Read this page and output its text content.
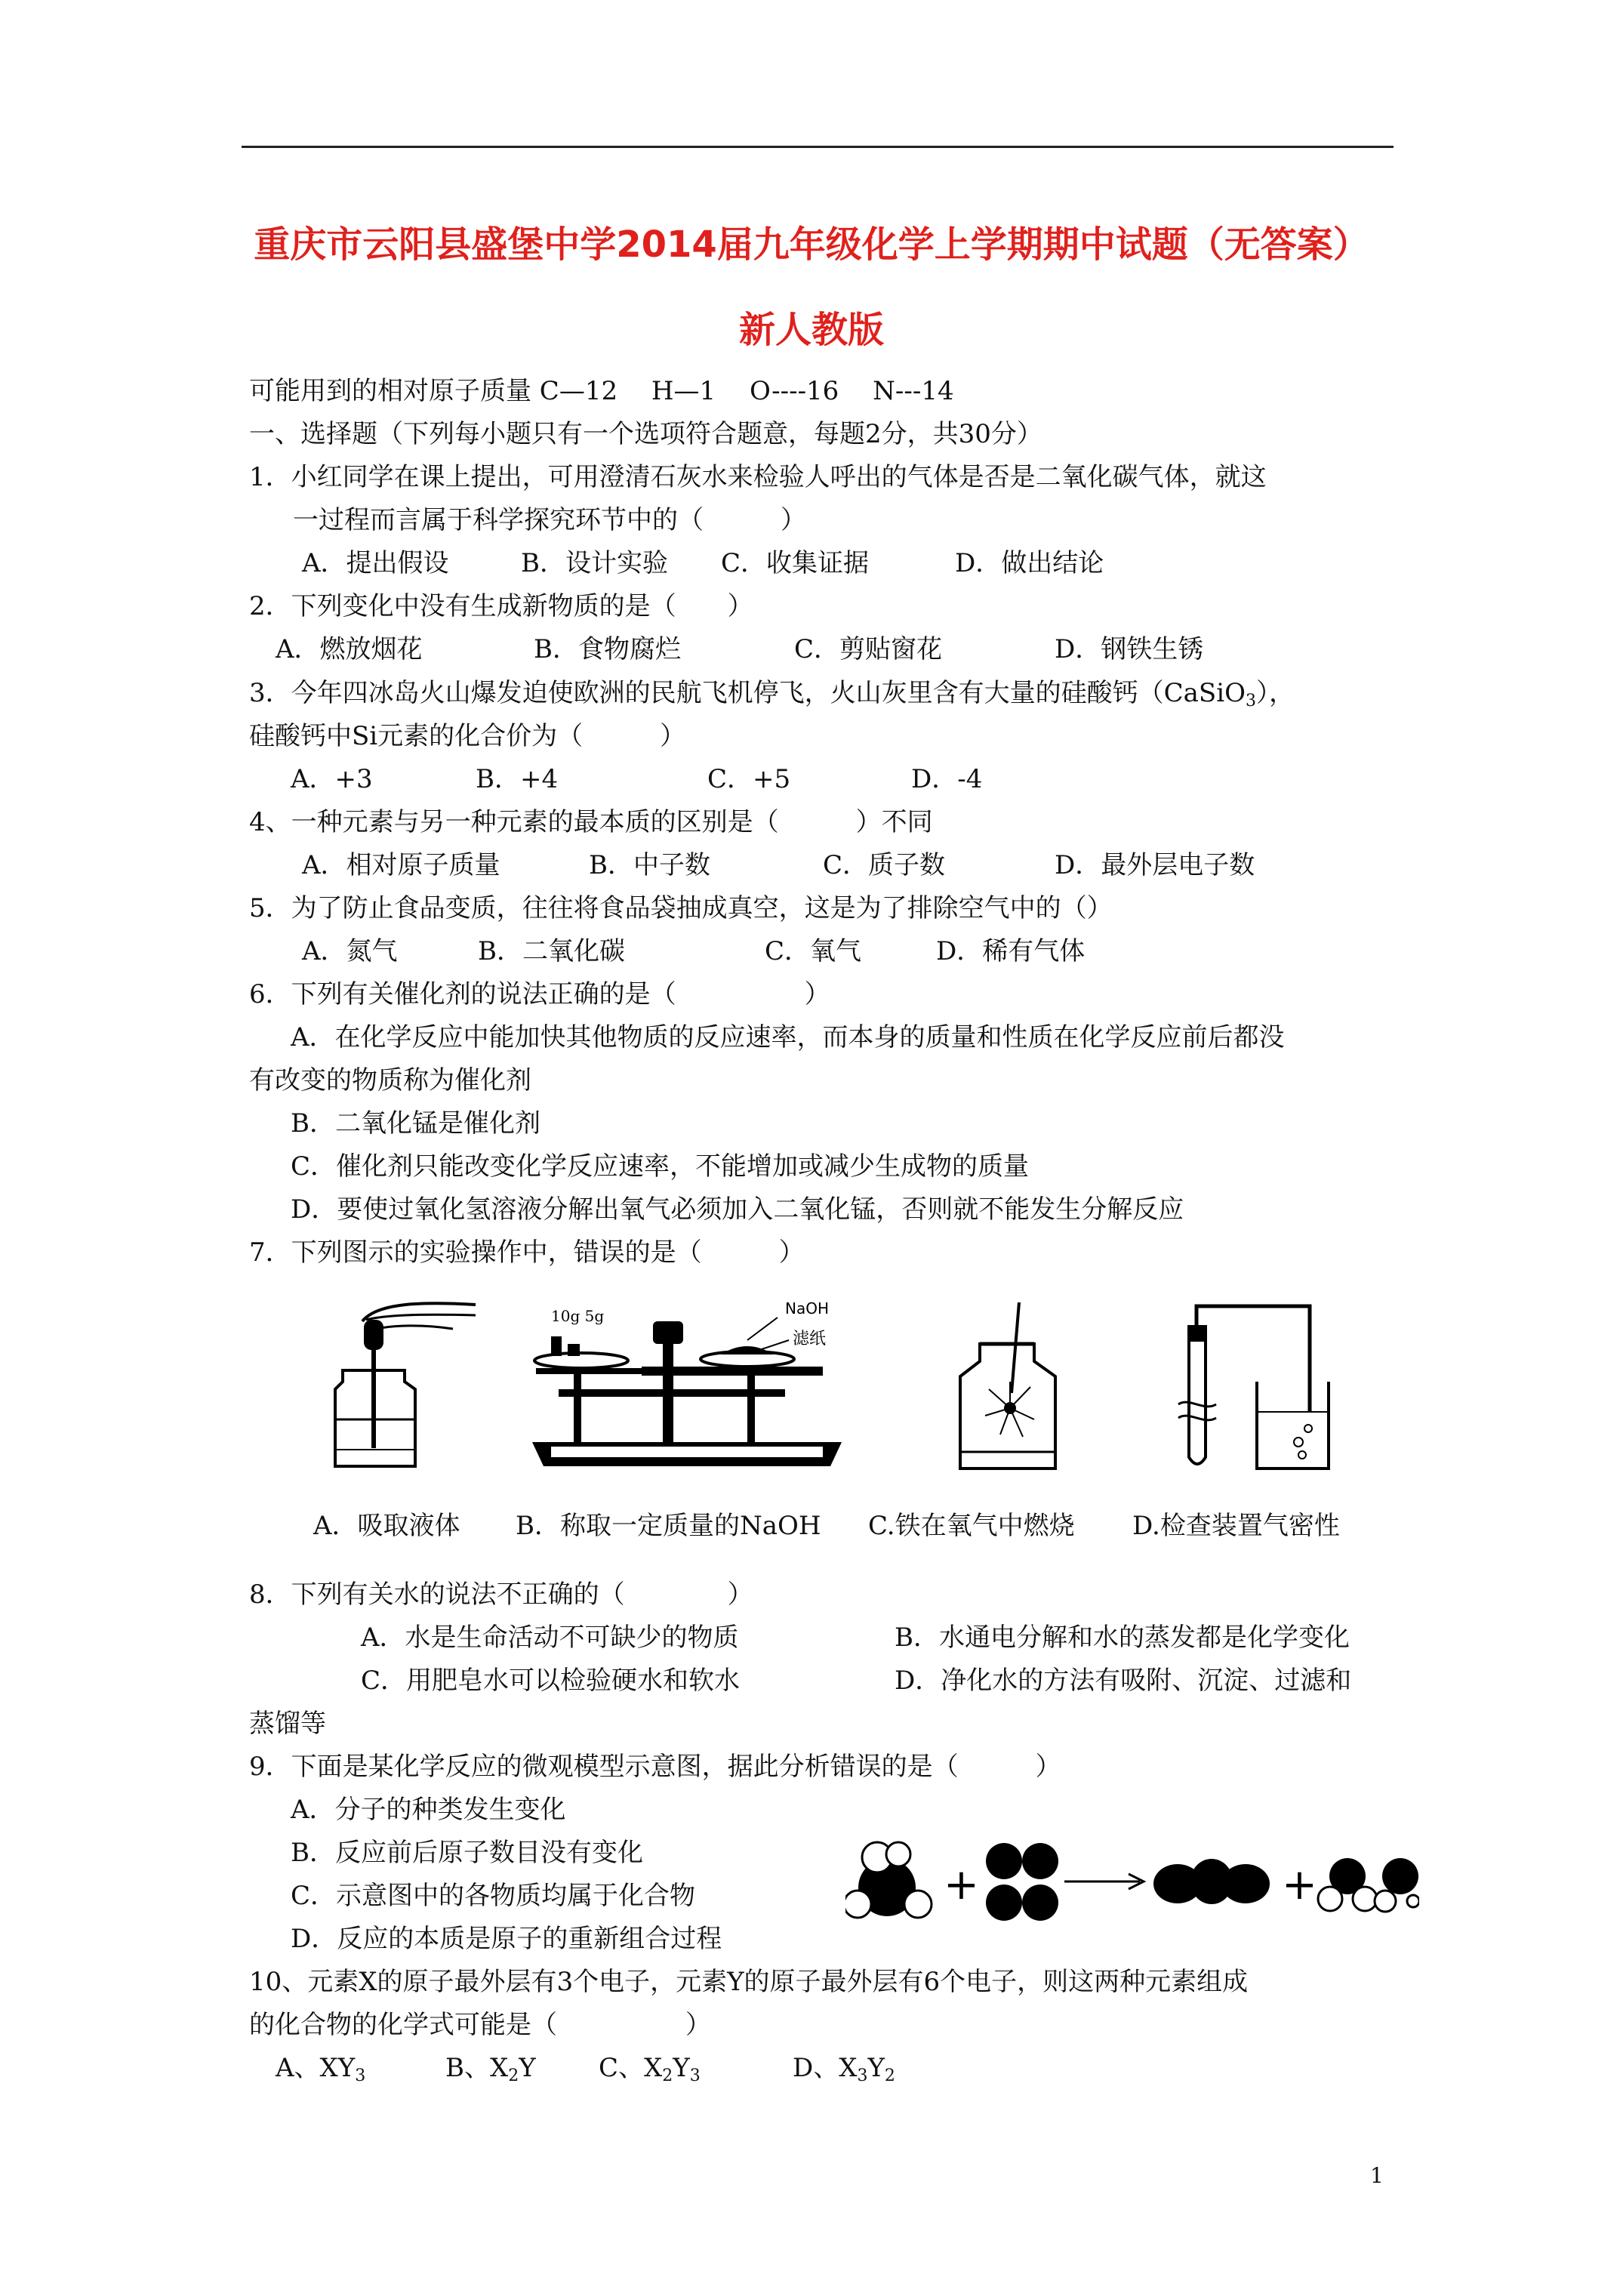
重庆市云阳县盛堡中学2014届九年级化学上学期期中试题（无答案）
新人教版
可能用到的相对原子质量 C—12　 H—1　 O----16　 N---14
一、选择题（下列每小题只有一个选项符合题意，每题2分，共30分）
1．小红同学在课上提出，可用澄清石灰水来检验人呼出的气体是否是二氧化碳气体，就这
一过程而言属于科学探究环节中的（　　　）
A．提出假设	B．设计实验 C．收集证据	D．做出结论
2．下列变化中没有生成新物质的是（　　）
A．燃放烟花	B．食物腐烂	C．剪贴窗花	D．钢铁生锈
3．今年四冰岛火山爆发迫使欧洲的民航飞机停飞，火山灰里含有大量的硅酸钙（CaSiO$_3$），
硅酸钙中Si元素的化合价为（　　　）
A．+3	B．+4	C．+5	D．-4
4、一种元素与另一种元素的最本质的区别是（　　　）不同
A．相对原子质量	B．中子数	C．质子数	D．最外层电子数
5．为了防止食品变质，往往将食品袋抽成真空，这是为了排除空气中的（）
A．氮气	B．二氧化碳	C．氧气	D．稀有气体
6．下列有关催化剂的说法正确的是（　　　　　）
A．在化学反应中能加快其他物质的反应速率，而本身的质量和性质在化学反应前后都没
有改变的物质称为催化剂
B．二氧化锰是催化剂
C．催化剂只能改变化学反应速率，不能增加或减少生成物的质量
D．要使过氧化氢溶液分解出氧气必须加入二氧化锰，否则就不能发生分解反应
7．下列图示的实验操作中，错误的是（　　　）
10g 5g	NaOH
滤纸
A．吸取液体 B．称取一定质量的NaOH C.铁在氧气中燃烧 D.检查装置气密性
8．下列有关水的说法不正确的（　　　　）
A．水是生命活动不可缺少的物质	B．水通电分解和水的蒸发都是化学变化
C．用肥皂水可以检验硬水和软水	D．净化水的方法有吸附、沉淀、过滤和
蒸馏等
9．下面是某化学反应的微观模型示意图，据此分析错误的是（　　　）
A．分子的种类发生变化
B．反应前后原子数目没有变化
C．示意图中的各物质均属于化合物
D．反应的本质是原子的重新组合过程
+	+
10、元素X的原子最外层有3个电子，元素Y的原子最外层有6个电子，则这两种元素组成
的化合物的化学式可能是（　　　　　）
A、$XY_3$	B、$X_2Y$ C、$X_2Y_3$	D、$X_3Y_2$
1
